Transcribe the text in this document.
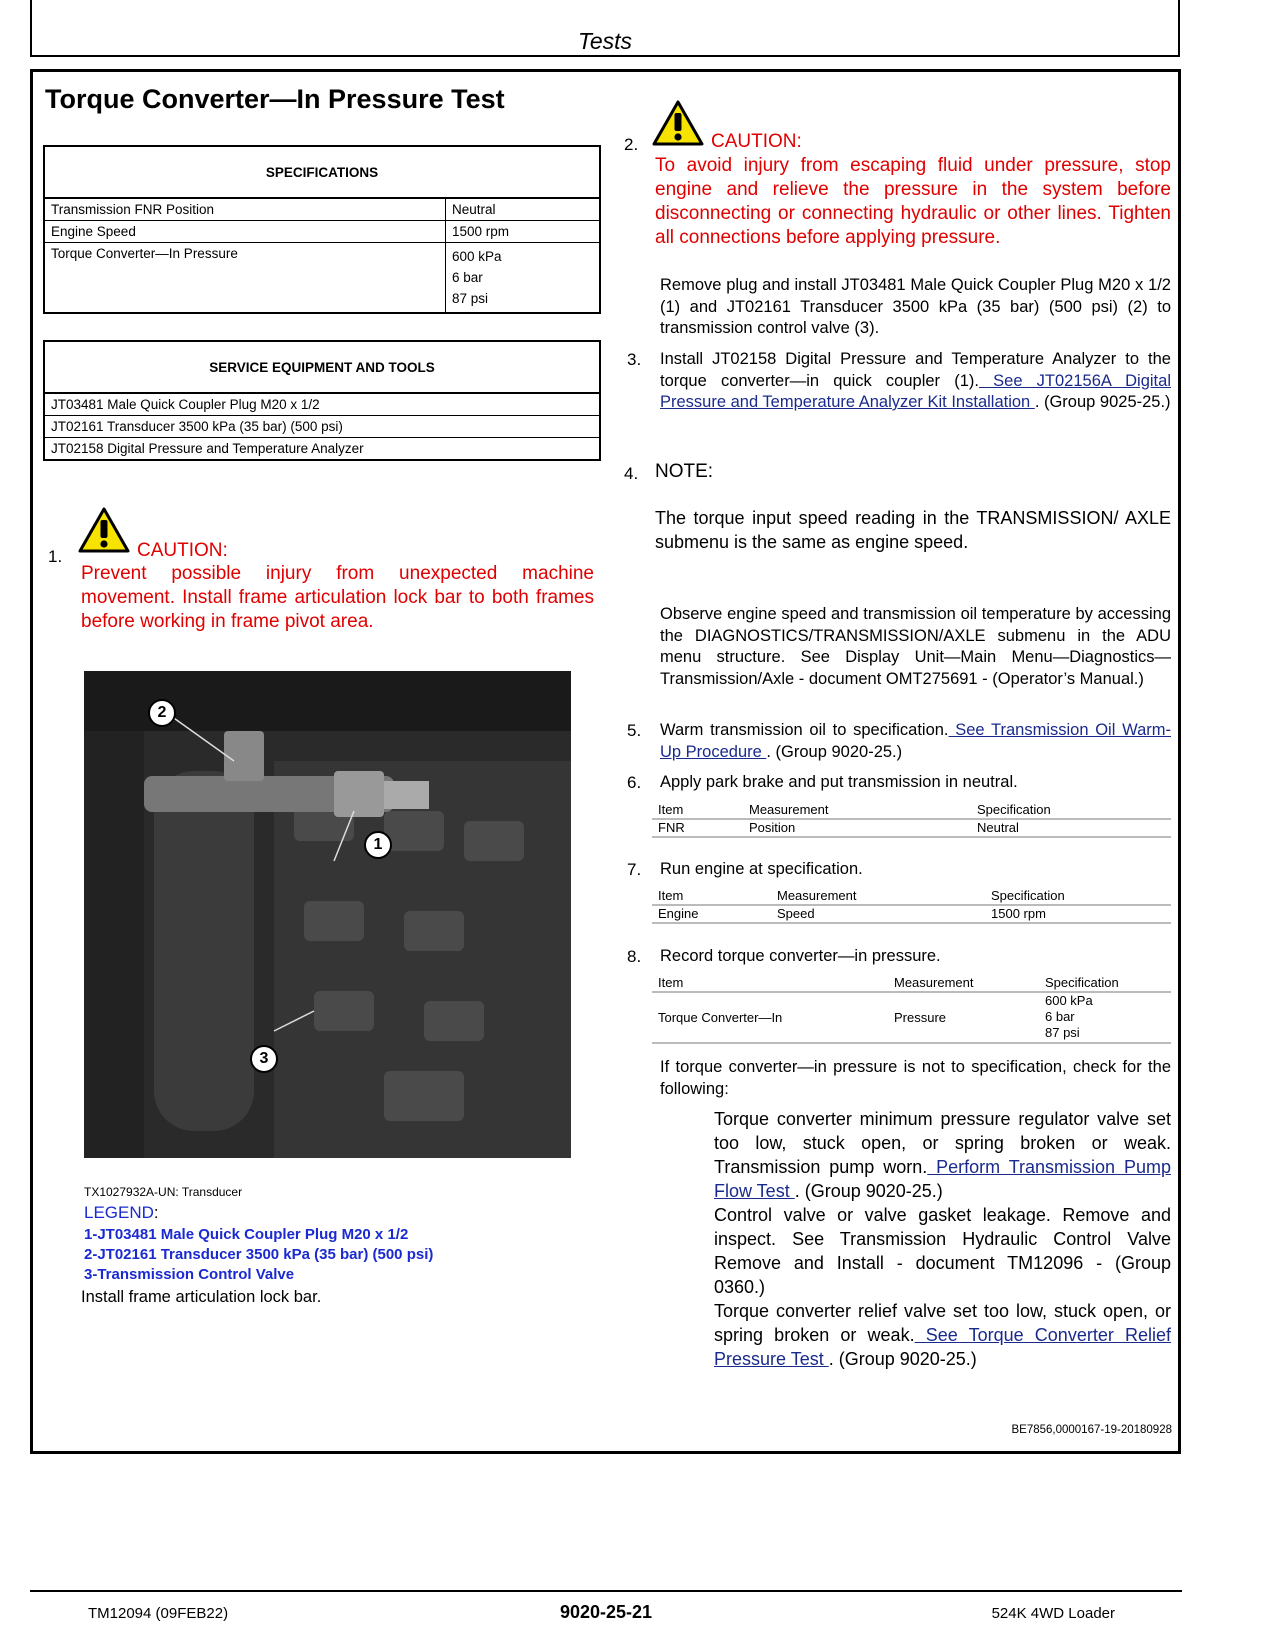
Tests
Torque Converter—In Pressure Test
SPECIFICATIONS	
Transmission FNR Position	Neutral
Engine Speed	1500 rpm
Torque Converter—In Pressure	600 kPa
6 bar
87 psi
SERVICE EQUIPMENT AND TOOLS
JT03481 Male Quick Coupler Plug M20 x 1/2
JT02161 Transducer 3500 kPa (35 bar) (500 psi)
JT02158 Digital Pressure and Temperature Analyzer
1.	CAUTION:
Prevent possible injury from unexpected machine movement. Install frame articulation lock bar to both frames before working in frame pivot area.
2
1
3
TX1027932A-UN: Transducer
LEGEND:
1-JT03481 Male Quick Coupler Plug M20 x 1/2
2-JT02161 Transducer 3500 kPa (35 bar) (500 psi)
3-Transmission Control Valve
Install frame articulation lock bar.
2.	CAUTION:
To avoid injury from escaping fluid under pressure, stop engine and relieve the pressure in the system before disconnecting or connecting hydraulic or other lines. Tighten all connections before applying pressure.
Remove plug and install JT03481 Male Quick Coupler Plug M20 x 1/2 (1) and JT02161 Transducer 3500 kPa (35 bar) (500 psi) (2) to transmission control valve (3).
3. Install JT02158 Digital Pressure and Temperature Analyzer to the torque converter—in quick coupler (1). See JT02156A Digital Pressure and Temperature Analyzer Kit Installation . (Group 9025-25.)
4. NOTE:
The torque input speed reading in the TRANSMISSION/ AXLE submenu is the same as engine speed.
Observe engine speed and transmission oil temperature by accessing the DIAGNOSTICS/TRANSMISSION/AXLE submenu in the ADU menu structure. See Display Unit—Main Menu—Diagnostics—Transmission/Axle - document OMT275691 - (Operator’s Manual.)
5. Warm transmission oil to specification. See Transmission Oil Warm-Up Procedure . (Group 9020-25.)
6. Apply park brake and put transmission in neutral.
Item	Measurement	Specification
FNR	Position	Neutral
7. Run engine at specification.
Item	Measurement	Specification
Engine	Speed	1500 rpm
8. Record torque converter—in pressure.
Item	Measurement	Specification
Torque Converter—In	Pressure	600 kPa
6 bar
87 psi
If torque converter—in pressure is not to specification, check for the following:
Torque converter minimum pressure regulator valve set too low, stuck open, or spring broken or weak. Transmission pump worn. Perform Transmission Pump Flow Test . (Group 9020-25.)
Control valve or valve gasket leakage. Remove and inspect. See Transmission Hydraulic Control Valve Remove and Install - document TM12096 - (Group 0360.)
Torque converter relief valve set too low, stuck open, or spring broken or weak. See Torque Converter Relief Pressure Test . (Group 9020-25.)
BE7856,0000167-19-20180928
TM12094 (09FEB22)	9020-25-21	524K 4WD Loader
